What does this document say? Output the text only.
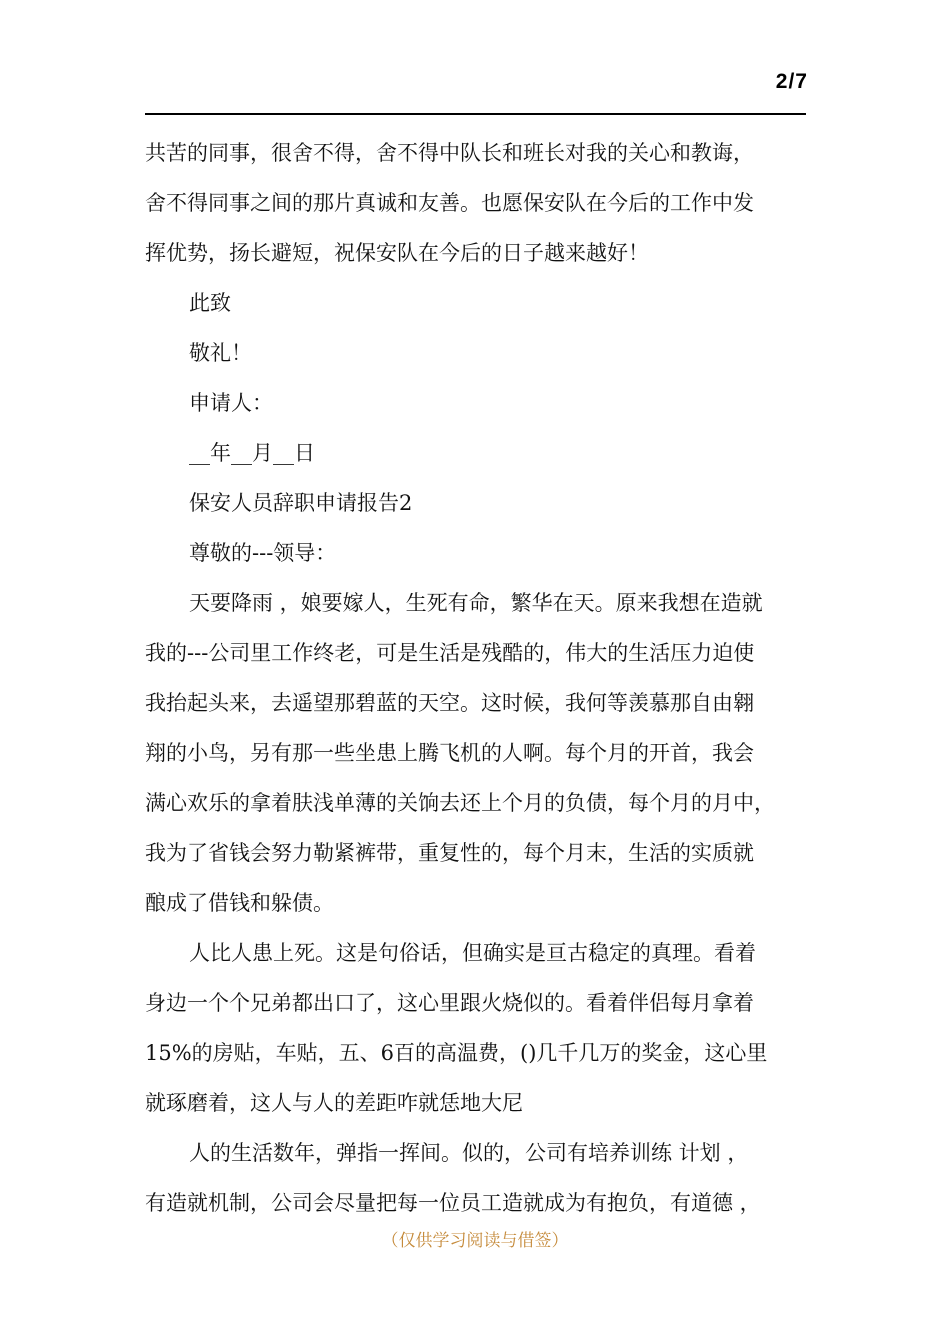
2/7
共苦的同事，很舍不得，舍不得中队长和班长对我的关心和教诲，
舍不得同事之间的那片真诚和友善。也愿保安队在今后的工作中发
挥优势，扬长避短，祝保安队在今后的日子越来越好！
此致
敬礼！
申请人：
__年__月__日
保安人员辞职申请报告2
尊敬的---领导：
天要降雨 ，娘要嫁人，生死有命，繁华在天。原来我想在造就
我的---公司里工作终老，可是生活是残酷的，伟大的生活压力迫使
我抬起头来，去遥望那碧蓝的天空。这时候，我何等羡慕那自由翱
翔的小鸟，另有那一些坐患上腾飞机的人啊。每个月的开首，我会
满心欢乐的拿着肤浅单薄的关饷去还上个月的负债，每个月的月中，
我为了省钱会努力勒紧裤带，重复性的，每个月末，生活的实质就
酿成了借钱和躲债。
人比人患上死。这是句俗话，但确实是亘古稳定的真理。看着
身边一个个兄弟都出口了，这心里跟火烧似的。看着伴侣每月拿着
15%的房贴，车贴，五、6百的高温费，()几千几万的奖金，这心里
就琢磨着，这人与人的差距咋就恁地大尼
人的生活数年，弹指一挥间。似的，公司有培养训练 计划 ，
有造就机制，公司会尽量把每一位员工造就成为有抱负，有道德 ，
（仅供学习阅读与借签）
